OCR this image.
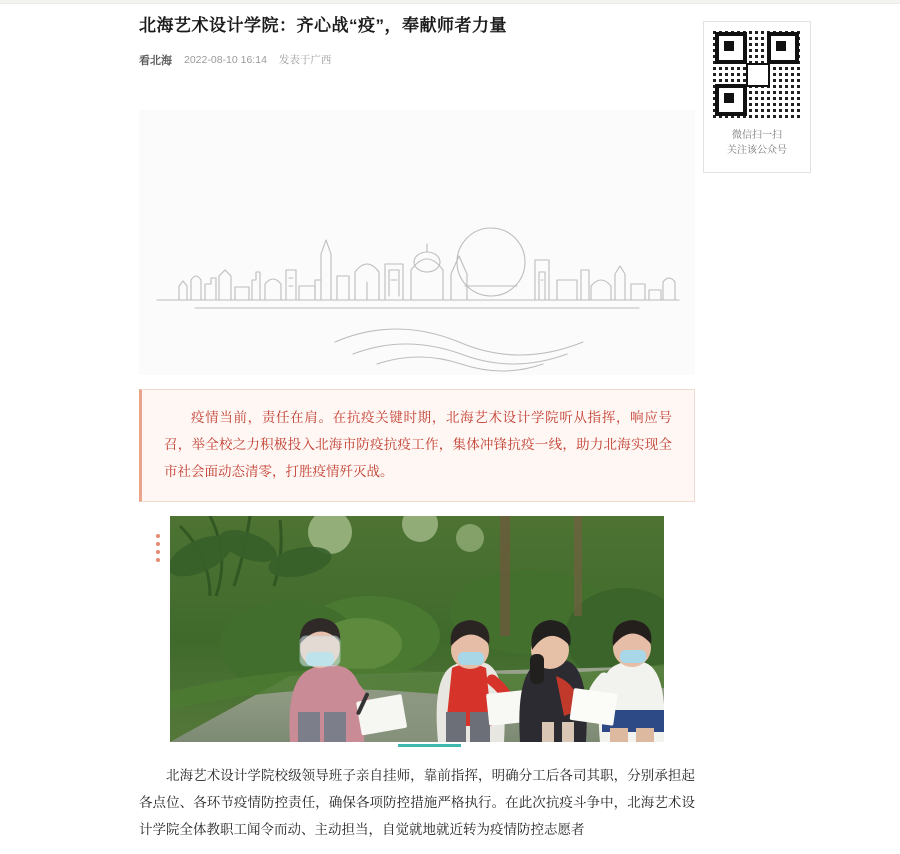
北海艺术设计学院：齐心战“疫”，奉献师者力量
看北海 2022-08-10 16:14 发表于广西
微信扫一扫
关注该公众号

疫情当前，责任在肩。在抗疫关键时期，北海艺术设计学院听从指挥，响应号召，举全校之力积极投入北海市防疫抗疫工作，集体冲锋抗疫一线，助力北海实现全市社会面动态清零，打胜疫情歼灭战。

北海艺术设计学院校级领导班子亲自挂师，靠前指挥，明确分工后各司其职，分别承担起各点位、各环节疫情防控责任，确保各项防控措施严格执行。在此次抗疫斗争中，北海艺术设计学院全体教职工闻令而动、主动担当，自觉就地就近转为疫情防控志愿者
